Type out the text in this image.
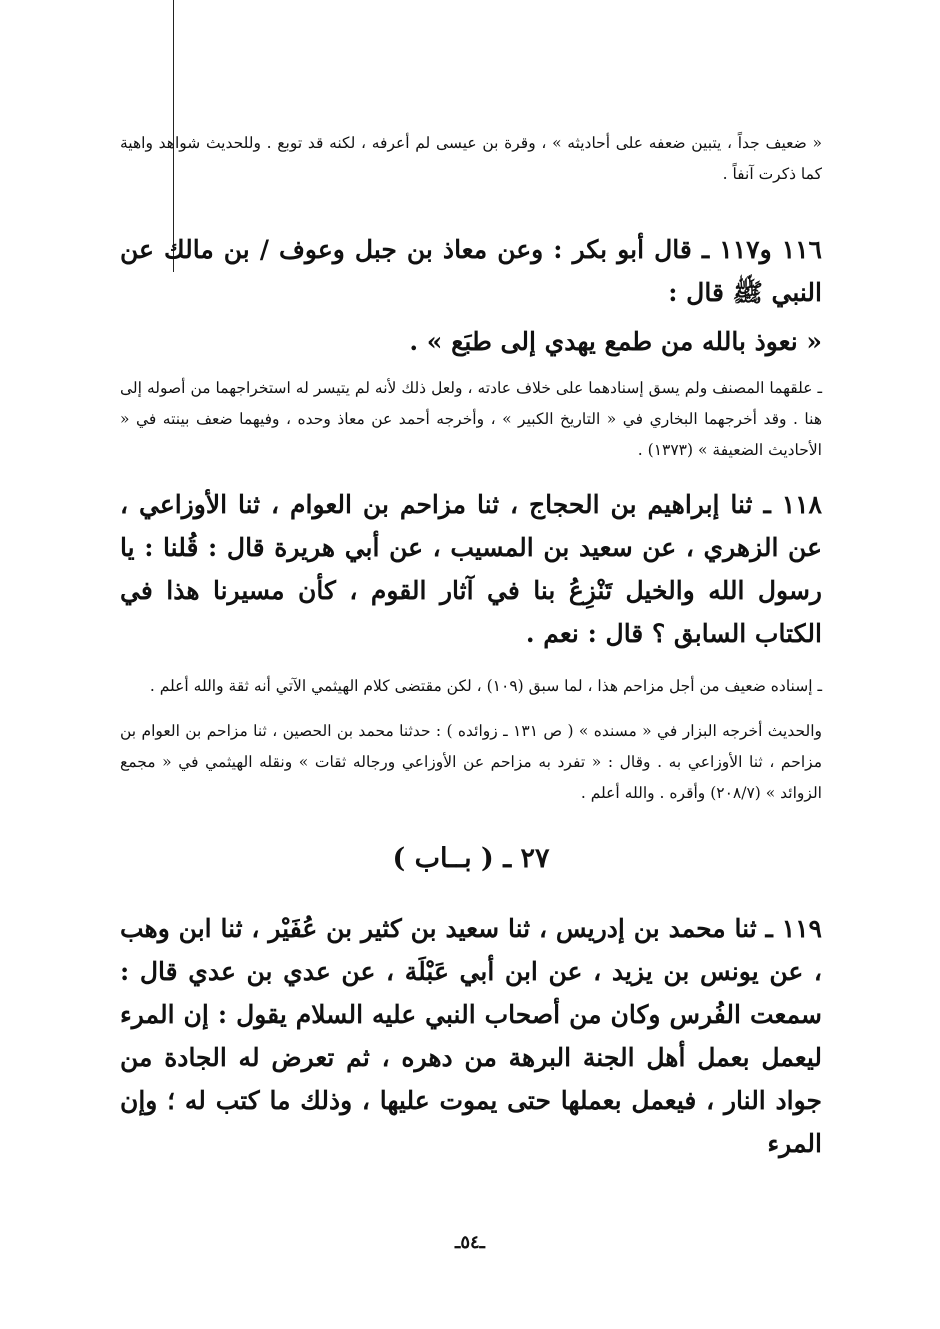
« ضعيف جداً ، يتبين ضعفه على أحاديثه » ، وقرة بن عيسى لم أعرفه ، لكنه قد توبع . وللحديث شواهد واهية كما ذكرت آنفاً .

١١٦ و١١٧ ـ قال أبو بكر : وعن معاذ بن جبل وعوف / بن مالك عن النبي ﷺ قال :

« نعوذ بالله من طمع يهدي إلى طبَع » .

ـ علقهما المصنف ولم يسق إسنادهما على خلاف عادته ، ولعل ذلك لأنه لم يتيسر له استخراجهما من أصوله إلى هنا . وقد أخرجهما البخاري في « التاريخ الكبير » ، وأخرجه أحمد عن معاذ وحده ، وفيهما ضعف بينته في « الأحاديث الضعيفة » (١٣٧٣) .

١١٨ ـ ثنا إبراهيم بن الحجاج ، ثنا مزاحم بن العوام ، ثنا الأوزاعي ، عن الزهري ، عن سعيد بن المسيب ، عن أبي هريرة قال : قُلنا : يا رسول الله والخيل تَنْزِعُ بنا في آثار القوم ، كأن مسيرنا هذا في الكتاب السابق ؟ قال : نعم .

ـ إسناده ضعيف من أجل مزاحم هذا ، لما سبق (١٠٩) ، لكن مقتضى كلام الهيثمي الآتي أنه ثقة والله أعلم .

والحديث أخرجه البزار في « مسنده » ( ص ١٣١ ـ زوائده ) : حدثنا محمد بن الحصين ، ثنا مزاحم بن العوام بن مزاحم ، ثنا الأوزاعي به . وقال : « تفرد به مزاحم عن الأوزاعي ورجاله ثقات » ونقله الهيثمي في « مجمع الزوائد » (٢٠٨/٧) وأقره . والله أعلم .

٢٧ ـ ( بــاب )

١١٩ ـ ثنا محمد بن إدريس ، ثنا سعيد بن كثير بن عُفَيْر ، ثنا ابن وهب ، عن يونس بن يزيد ، عن ابن أبي عَبْلَة ، عن عدي بن عدي قال : سمعت الفُرس وكان من أصحاب النبي عليه السلام يقول : إن المرء ليعمل بعمل أهل الجنة البرهة من دهره ، ثم تعرض له الجادة من جواد النار ، فيعمل بعملها حتى يموت عليها ، وذلك ما كتب له ؛ وإن المرء

ـ٥٤ـ
